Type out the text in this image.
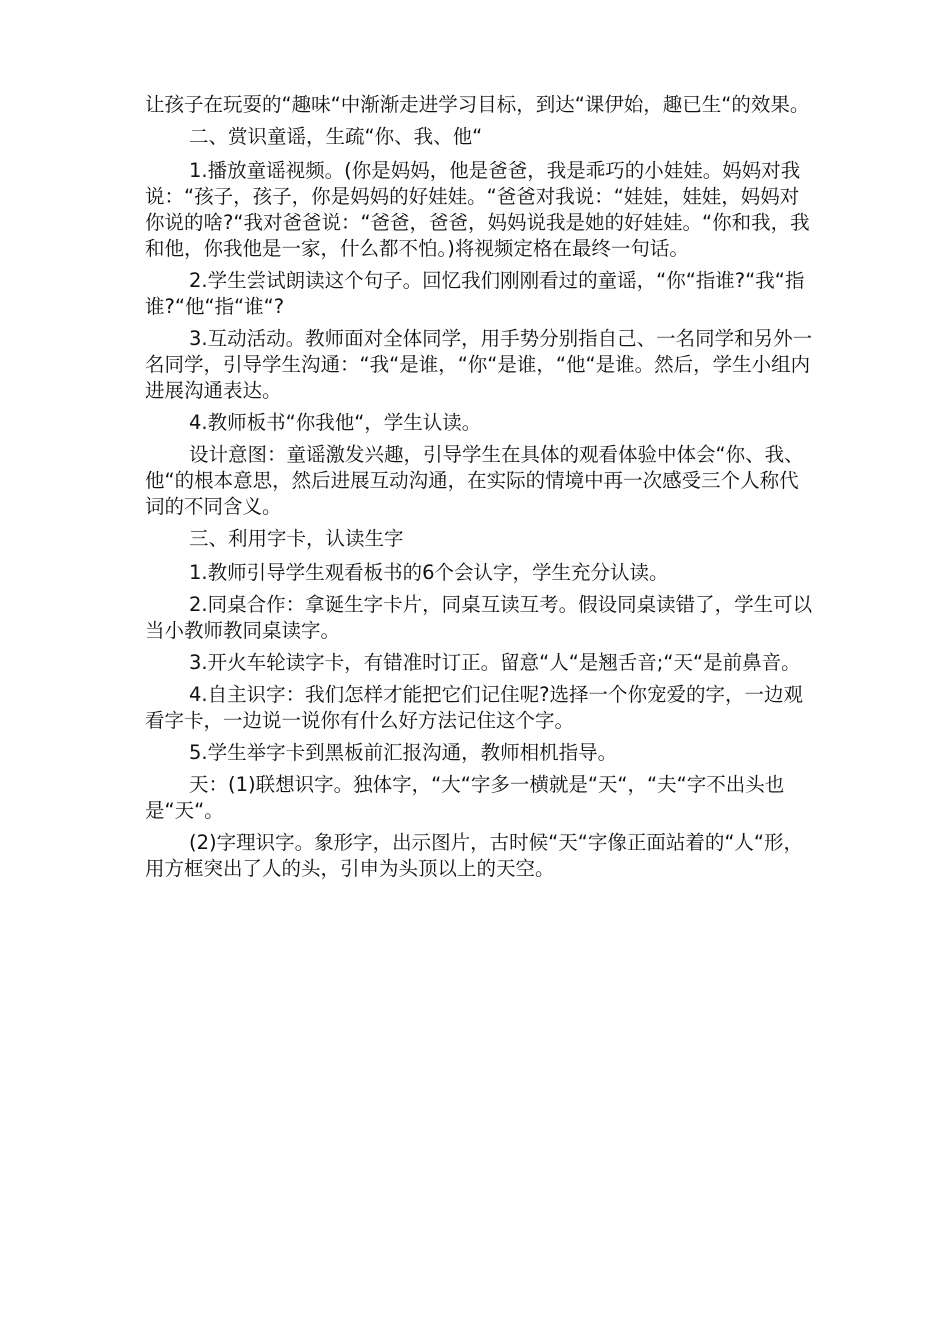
让孩子在玩耍的“趣味“中渐渐走进学习目标，到达“课伊始，趣已生“的效果。

二、赏识童谣，生疏“你、我、他“

1.播放童谣视频。(你是妈妈，他是爸爸，我是乖巧的小娃娃。妈妈对我说：“孩子，孩子，你是妈妈的好娃娃。“爸爸对我说：“娃娃，娃娃，妈妈对你说的啥?“我对爸爸说：“爸爸，爸爸，妈妈说我是她的好娃娃。“你和我，我和他，你我他是一家，什么都不怕。)将视频定格在最终一句话。

2.学生尝试朗读这个句子。回忆我们刚刚看过的童谣，“你“指谁?“我“指谁?“他“指“谁“?

3.互动活动。教师面对全体同学，用手势分别指自己、一名同学和另外一名同学，引导学生沟通：“我“是谁，“你“是谁，“他“是谁。然后，学生小组内进展沟通表达。

4.教师板书“你我他“，学生认读。

设计意图：童谣激发兴趣，引导学生在具体的观看体验中体会“你、我、他“的根本意思，然后进展互动沟通，在实际的情境中再一次感受三个人称代词的不同含义。

三、利用字卡，认读生字

1.教师引导学生观看板书的6个会认字，学生充分认读。

2.同桌合作：拿诞生字卡片，同桌互读互考。假设同桌读错了，学生可以当小教师教同桌读字。

3.开火车轮读字卡，有错准时订正。留意“人“是翘舌音;“天“是前鼻音。

4.自主识字：我们怎样才能把它们记住呢?选择一个你宠爱的字，一边观看字卡，一边说一说你有什么好方法记住这个字。

5.学生举字卡到黑板前汇报沟通，教师相机指导。

天：(1)联想识字。独体字，“大“字多一横就是“天“，“夫“字不出头也是“天“。

(2)字理识字。象形字，出示图片，古时候“天“字像正面站着的“人“形，用方框突出了人的头，引申为头顶以上的天空。
